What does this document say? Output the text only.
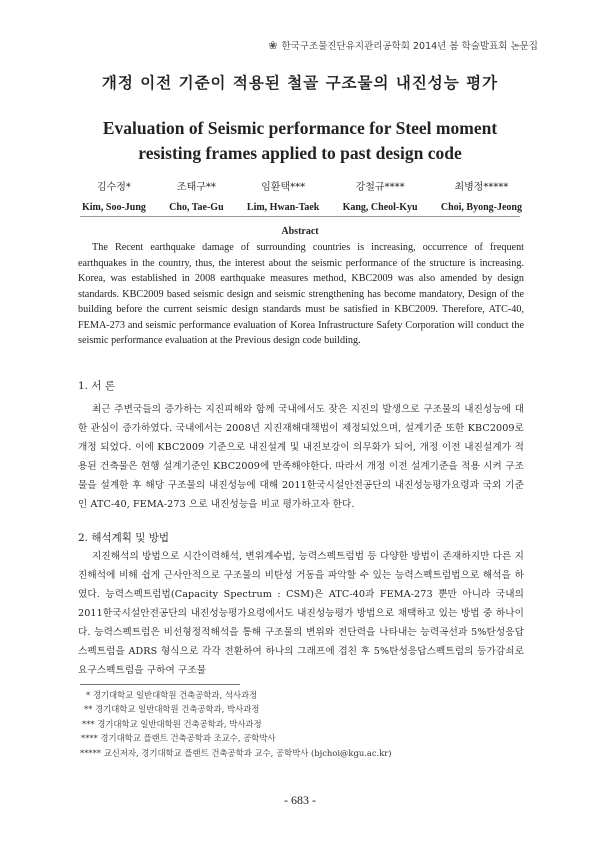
❀ 한국구조물진단유지관리공학회 2014년 봄 학술발표회 논문집
개정 이전 기준이 적용된 철골 구조물의 내진성능 평가
Evaluation of Seismic performance for Steel moment
resisting frames applied to past design code
김수정*
Kim, Soo-Jung
조태구**
Cho, Tae-Gu
임환택***
Lim, Hwan-Taek
강철규****
Kang, Cheol-Kyu
최병정*****
Choi, Byong-Jeong
Abstract

The Recent earthquake damage of surrounding countries is increasing, occurrence of frequent earthquakes in the country, thus, the interest about the seismic performance of the structure is increasing. Korea, was established in 2008 earthquake measures method, KBC2009 was also amended by design standards. KBC2009 based seismic design and seismic strengthening has become mandatory, Design of the building before the current seismic design standards must be satisfied in KBC2009. Therefore, ATC-40, FEMA-273 and seismic performance evaluation of Korea Infrastructure Safety Corporation will conduct the seismic performance evaluation at the Previous design code building.

1. 서 론

최근 주변국들의 증가하는 지진피해와 함께 국내에서도 잦은 지진의 발생으로 구조물의 내진성능에 대한 관심이 증가하였다. 국내에서는 2008년 지진재해대책법이 제정되었으며, 설계기준 또한 KBC2009로 개정 되었다. 이에 KBC2009 기준으로 내진설계 및 내진보강이 의무화가 되어, 개정 이전 내진설계가 적용된 건축물은 현행 설계기준인 KBC2009에 만족해야한다. 따라서 개정 이전 설계기준을 적용 시켜 구조물을 설계한 후 해당 구조물의 내진성능에 대해 2011한국시설안전공단의 내진성능평가요령과 국외 기준인 ATC-40, FEMA-273 으로 내진성능을 비교 평가하고자 한다.

2. 해석계획 및 방법

지진해석의 방법으로 시간이력해석, 변위계수법, 능력스펙트럼법 등 다양한 방법이 존재하지만 다른 지진해석에 비해 쉽게 근사안적으로 구조물의 비탄성 거동을 파악할 수 있는 능력스펙트럼법으로 해석을 하였다. 능력스펙트럼법(Capacity Spectrum : CSM)은 ATC-40과 FEMA-273 뿐만 아니라 국내의 2011한국시설안전공단의 내진성능평가요령에서도 내진성능평가 방법으로 채택하고 있는 방법 중 하나이다. 능력스펙트럼은 비선형정적해석을 통해 구조물의 변위와 전단력을 나타내는 능력곡선과 5%탄성응답스펙트럼을 ADRS 형식으로 각각 전환하여 하나의 그래프에 겹친 후 5%탄성응답스펙트럼의 등가감쇠로 요구스펙트럼을 구하여 구조물

* 경기대학교 일반대학원 건축공학과, 석사과정
** 경기대학교 일반대학원 건축공학과, 박사과정
*** 경기대학교 일반대학원 건축공학과, 박사과정
**** 경기대학교 플랜트 건축공학과 조교수, 공학박사
***** 교신저자, 경기대학교 플랜트 건축공학과 교수, 공학박사 (bjchoi@kgu.ac.kr)
- 683 -
